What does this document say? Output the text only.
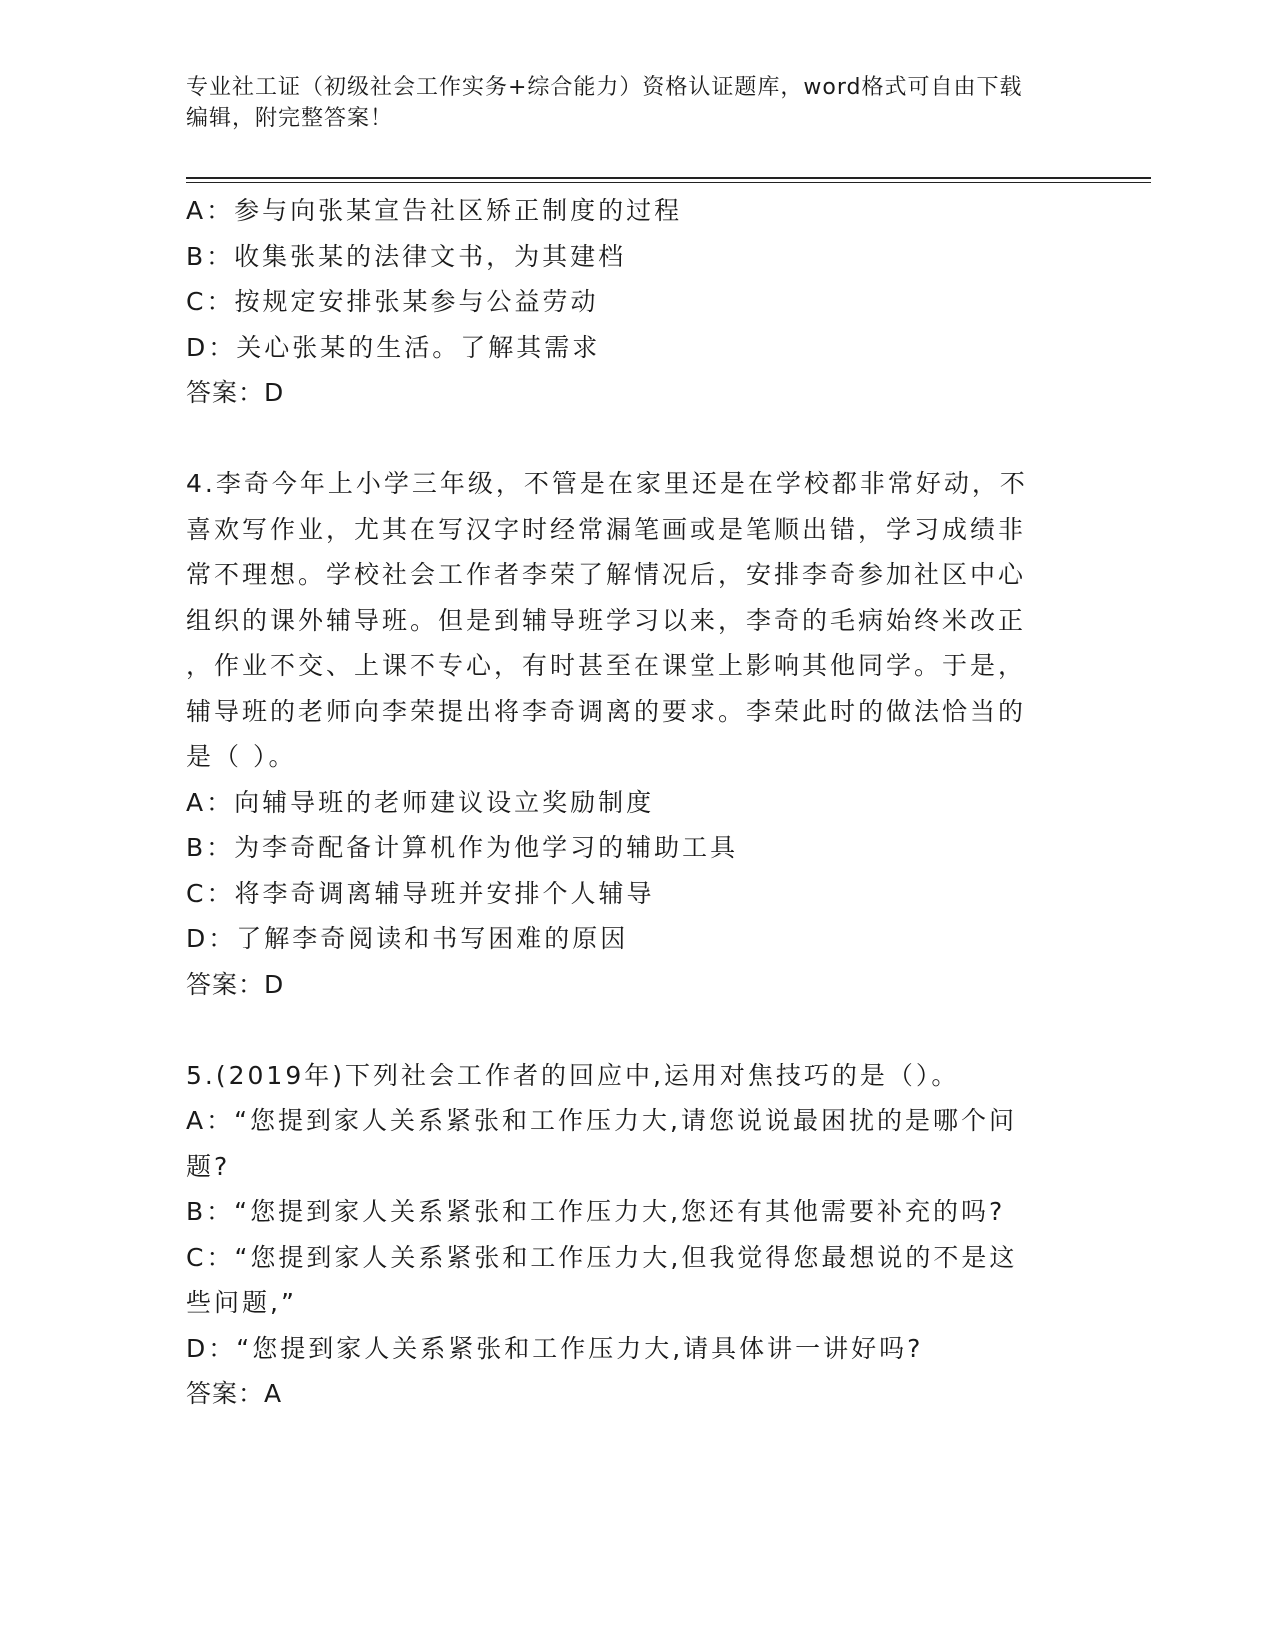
专业社工证（初级社会工作实务+综合能力）资格认证题库，word格式可自由下载
编辑，附完整答案！
A：参与向张某宣告社区矫正制度的过程
B：收集张某的法律文书，为其建档
C：按规定安排张某参与公益劳动
D：关心张某的生活。了解其需求
答案：D
4.李奇今年上小学三年级，不管是在家里还是在学校都非常好动，不
喜欢写作业，尤其在写汉字时经常漏笔画或是笔顺出错，学习成绩非
常不理想。学校社会工作者李荣了解情况后，安排李奇参加社区中心
组织的课外辅导班。但是到辅导班学习以来，李奇的毛病始终米改正
，作业不交、上课不专心，有时甚至在课堂上影响其他同学。于是，
辅导班的老师向李荣提出将李奇调离的要求。李荣此时的做法恰当的
是（ ）。
A：向辅导班的老师建议设立奖励制度
B：为李奇配备计算机作为他学习的辅助工具
C：将李奇调离辅导班并安排个人辅导
D：了解李奇阅读和书写困难的原因
答案：D
5.(2019年)下列社会工作者的回应中,运用对焦技巧的是（）。
A：“您提到家人关系紧张和工作压力大,请您说说最困扰的是哪个问
题?
B：“您提到家人关系紧张和工作压力大,您还有其他需要补充的吗?
C：“您提到家人关系紧张和工作压力大,但我觉得您最想说的不是这
些问题,”
D：“您提到家人关系紧张和工作压力大,请具体讲一讲好吗?
答案：A
